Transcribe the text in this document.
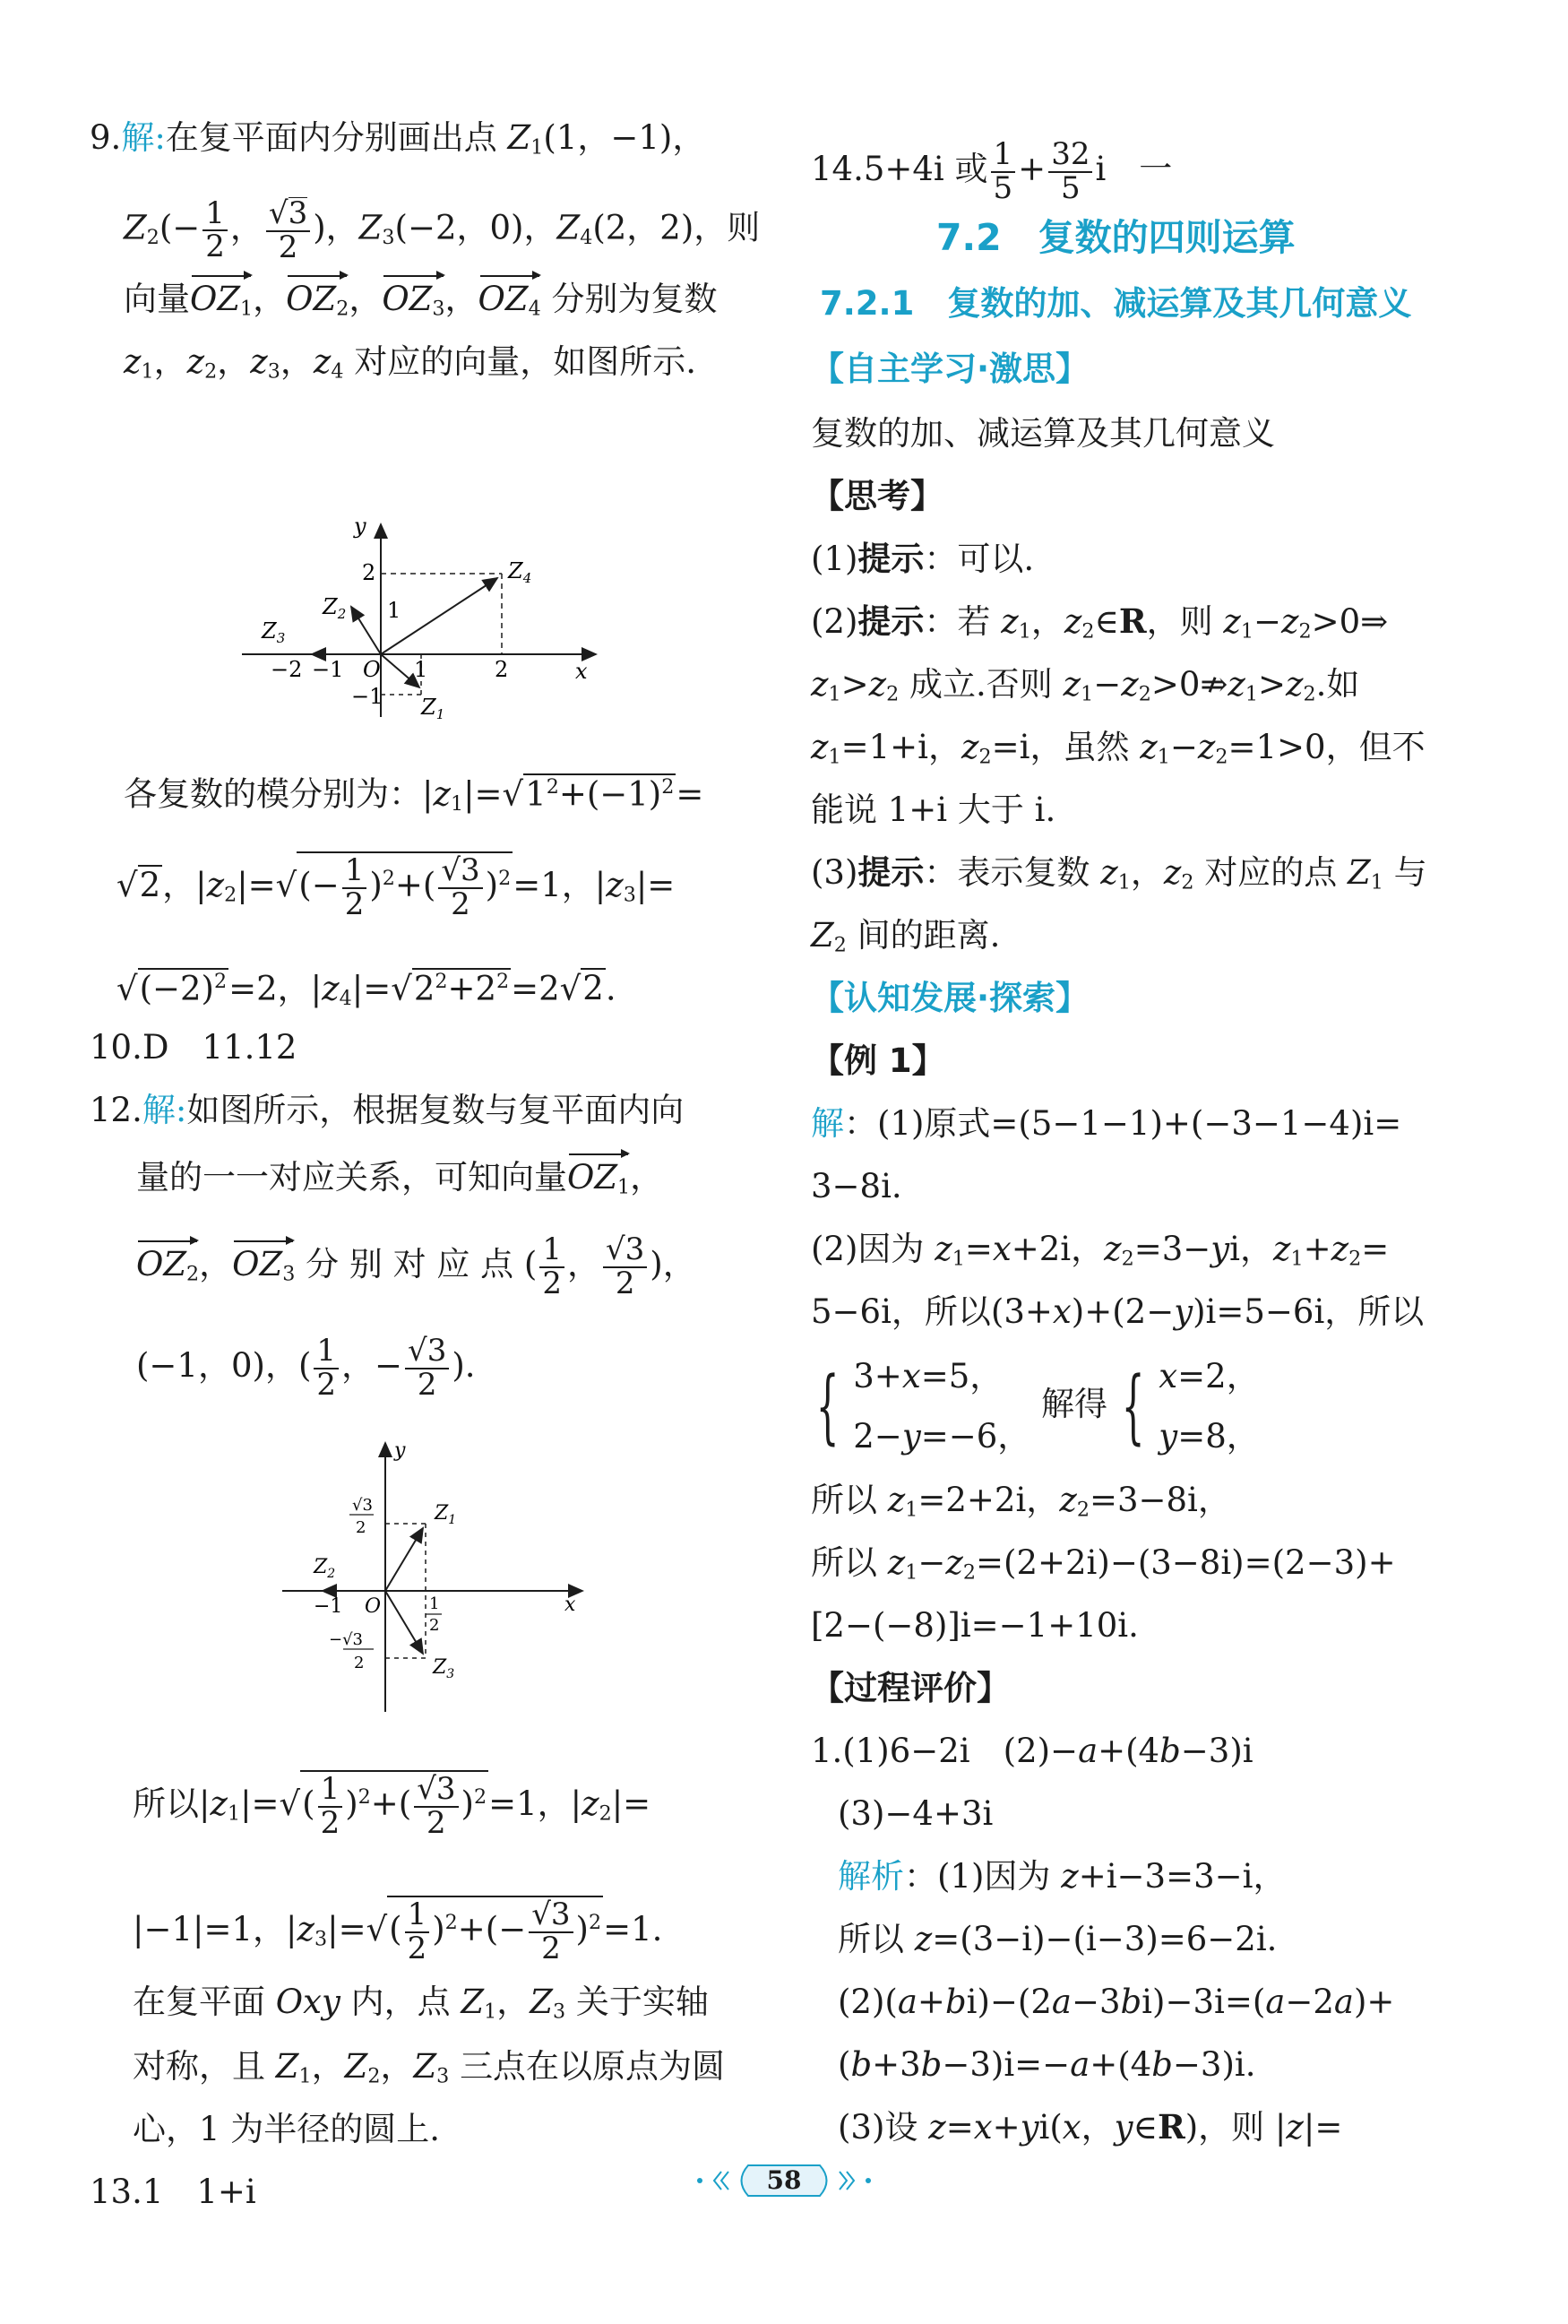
9.解:在复平面内分别画出点 $Z_1(1$，−1)，
$Z_2(- \frac{1}{2}$ ， $\frac{√3}{2}$ )，$Z_3(-2$，0)，$Z_4(2$，2)，则
向量$OZ_1$，$OZ_2$，$OZ_3$，$OZ_4$ 分别为复数
$z_1$，$z_2$，$z_3$，$z_4$ 对应的向量，如图所示.
x
y
$Z_4$
$Z_2$
$Z_3$
$Z_1$
2
1
−1
−2 −1 O 1	2
各复数的模分别为：$|z_1|=√1^2+(-1)^2=$
√2，$|z_2|=√(- \frac{1}{2} )^2+( \frac{√3}{2} )^2=1$，$|z_3|=$
$√(-2)^2=2$，$|z_4|=√2^2+2^2=2√2$.
10.D　11.12
12.解:如图所示，根据复数与复平面内向
量的一一对应关系，可知向量$OZ_1$，
$OZ_2$，$OZ_3$ 分 别 对 应 点 ( $\frac{1}{2}$ ， $\frac{√3}{2}$ )，
(−1，0)，( $\frac{1}{2}$ ，− $\frac{√3}{2}$ ).
x
y
$Z_1$
$Z_2$
$Z_3$
√3
2
−√3
2
−1 O	1
2
所以$|z_1|=√( \frac{1}{2} )^2+( \frac{√3}{2} )^2=1$，$|z_2|=$
|−1|=1，$|z_3|=√( \frac{1}{2} )^2+(- \frac{√3}{2} )^2=1$.
在复平面 Oxy 内，点 $Z_1$，$Z_3$ 关于实轴
对称，且 $Z_1$，$Z_2$，$Z_3$ 三点在以原点为圆
心，1 为半径的圆上.
13.1　1+i
14.5+4i 或 $\frac{1}{5} + \frac{32}{5}$ i　一
7.2　复数的四则运算
7.2.1　复数的加、减运算及其几何意义
【自主学习·激思】
复数的加、减运算及其几何意义
【思考】
(1)提示：可以.
(2)提示：若 $z_1$，$z_2\in R$，则 $z_1-z_2>0\Rightarrow$
$z_1>z_2$ 成立.否则 $z_1-z_2>0⇏z_1>z_2$.如
$z_1=1+i$，$z_2=i$，虽然 $z_1-z_2=1>0$，但不
能说 1+i 大于 i.
(3)提示：表示复数 $z_1$，$z_2$ 对应的点 $Z_1$ 与
$Z_2$ 间的距离.
【认知发展·探索】
【例 1】
解：(1)原式=(5−1−1)+(−3−1−4)i=
3−8i.
(2)因为 $z_1=x+2i$，$z_2=3-yi$，$z_1+z_2=$
5−6i，所以(3+x)+(2−y)i=5−6i，所以
{ 3+x=5，
2−y=−6， 解得 { x=2，
y=8，
所以 $z_1=2+2i$，$z_2=3-8i$，
所以 $z_1-z_2=(2+2i)-(3-8i)=(2-3)+$
[2−(−8)]i=−1+10i.
【过程评价】
1.(1)6−2i　(2)−a+(4b−3)i
(3)−4+3i
解析：(1)因为 z+i−3=3−i，
所以 z=(3−i)−(i−3)=6−2i.
(2)(a+bi)−(2a−3bi)−3i=(a−2a)+
(b+3b−3)i=−a+(4b−3)i.
(3)设 z=x+yi(x，y∈R)，则 |z|=
58
